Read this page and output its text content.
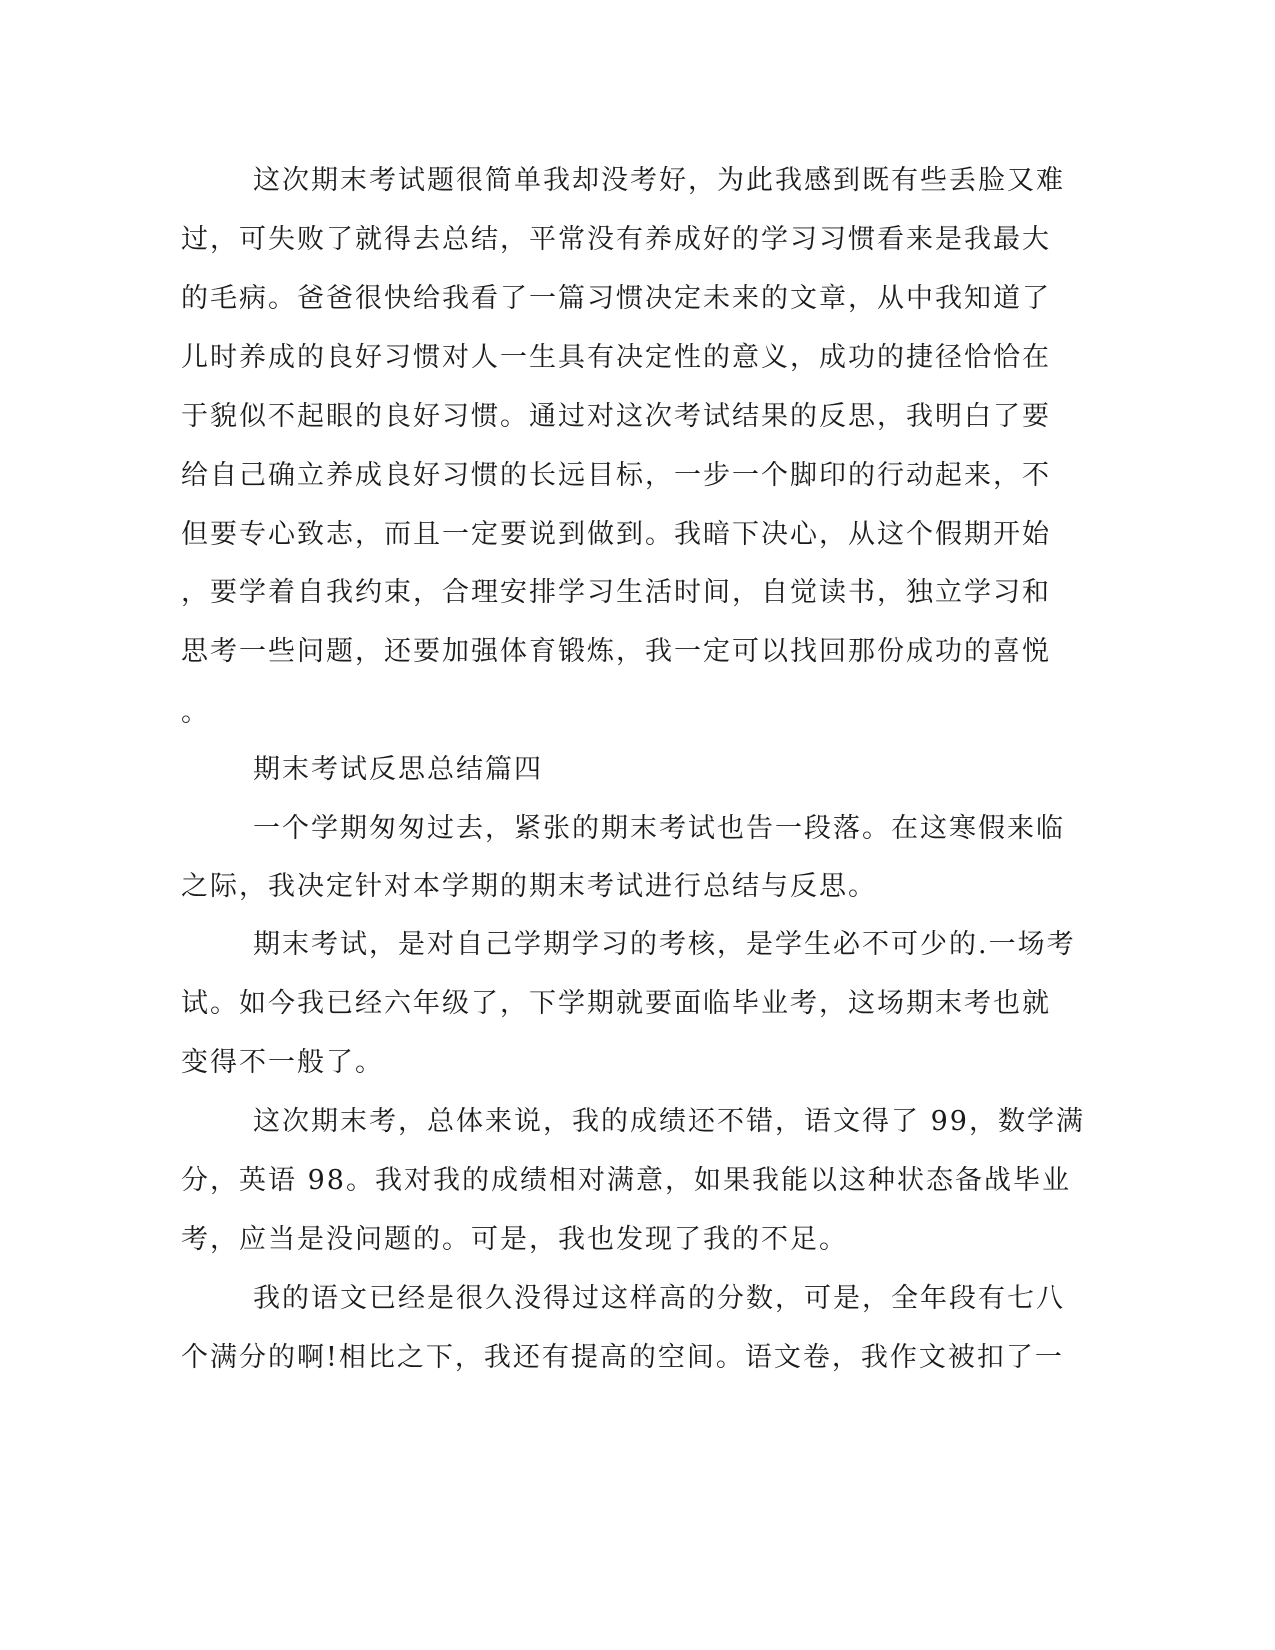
这次期末考试题很简单我却没考好，为此我感到既有些丢脸又难
过，可失败了就得去总结，平常没有养成好的学习习惯看来是我最大
的毛病。爸爸很快给我看了一篇习惯决定未来的文章，从中我知道了
儿时养成的良好习惯对人一生具有决定性的意义，成功的捷径恰恰在
于貌似不起眼的良好习惯。通过对这次考试结果的反思，我明白了要
给自己确立养成良好习惯的长远目标，一步一个脚印的行动起来，不
但要专心致志，而且一定要说到做到。我暗下决心，从这个假期开始
，要学着自我约束，合理安排学习生活时间，自觉读书，独立学习和
思考一些问题，还要加强体育锻炼，我一定可以找回那份成功的喜悦
。
期末考试反思总结篇四
一个学期匆匆过去，紧张的期末考试也告一段落。在这寒假来临
之际，我决定针对本学期的期末考试进行总结与反思。
期末考试，是对自己学期学习的考核，是学生必不可少的.一场考
试。如今我已经六年级了，下学期就要面临毕业考，这场期末考也就
变得不一般了。
这次期末考，总体来说，我的成绩还不错，语文得了 99，数学满
分，英语 98。我对我的成绩相对满意，如果我能以这种状态备战毕业
考，应当是没问题的。可是，我也发现了我的不足。
我的语文已经是很久没得过这样高的分数，可是，全年段有七八
个满分的啊!相比之下，我还有提高的空间。语文卷，我作文被扣了一
